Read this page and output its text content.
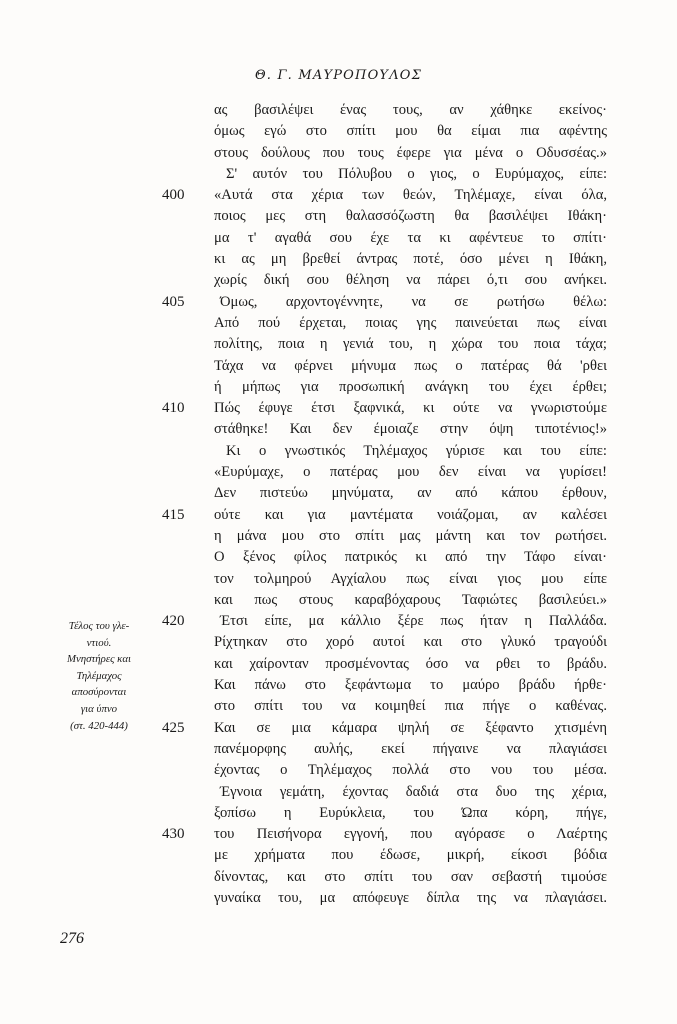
Θ. Γ. ΜΑΥΡΟΠΟΥΛΟΣ
ας βασιλέψει ένας τους, αν χάθηκε εκείνος·
όμως εγώ στο σπίτι μου θα είμαι πια αφέντης
στους δούλους που τους έφερε για μένα ο Οδυσσέας.»
Σ' αυτόν του Πόλυβου ο γιος, ο Ευρύμαχος, είπε:
400	«Αυτά στα χέρια των θεών, Τηλέμαχε, είναι όλα,
ποιος μες στη θαλασσόζωστη θα βασιλέψει Ιθάκη·
μα τ' αγαθά σου έχε τα κι αφέντευε το σπίτι·
κι ας μη βρεθεί άντρας ποτέ, όσο μένει η Ιθάκη,
χωρίς δική σου θέληση να πάρει ό,τι σου ανήκει.
405	Όμως, αρχοντογέννητε, να σε ρωτήσω θέλω:
Από πού έρχεται, ποιας γης παινεύεται πως είναι
πολίτης, ποια η γενιά του, η χώρα του ποια τάχα;
Τάχα να φέρνει μήνυμα πως ο πατέρας θά 'ρθει
ή μήπως για προσωπική ανάγκη του έχει έρθει;
410	Πώς έφυγε έτσι ξαφνικά, κι ούτε να γνωριστούμε
στάθηκε! Και δεν έμοιαζε στην όψη τιποτένιος!»
Κι ο γνωστικός Τηλέμαχος γύρισε και του είπε:
«Ευρύμαχε, ο πατέρας μου δεν είναι να γυρίσει!
Δεν πιστεύω μηνύματα, αν από κάπου έρθουν,
415	ούτε και για μαντέματα νοιάζομαι, αν καλέσει
η μάνα μου στο σπίτι μας μάντη και τον ρωτήσει.
Ο ξένος φίλος πατρικός κι από την Τάφο είναι·
τον τολμηρού Αγχίαλου πως είναι γιος μου είπε
και πως στους καραβόχαρους Ταφιώτες βασιλεύει.»
420	Έτσι είπε, μα κάλλιο ξέρε πως ήταν η Παλλάδα.
Ρίχτηκαν στο χορό αυτοί και στο γλυκό τραγούδι
και χαίρονταν προσμένοντας όσο να ρθει το βράδυ.
Και πάνω στο ξεφάντωμα το μαύρο βράδυ ήρθε·
στο σπίτι του να κοιμηθεί πια πήγε ο καθένας.
425	Και σε μια κάμαρα ψηλή σε ξέφαντο χτισμένη
πανέμορφης αυλής, εκεί πήγαινε να πλαγιάσει
έχοντας ο Τηλέμαχος πολλά στο νου του μέσα.
Έγνοια γεμάτη, έχοντας δαδιά στα δυο της χέρια,
ξοπίσω η Ευρύκλεια, του Ώπα κόρη, πήγε,
430	του Πεισήνορα εγγονή, που αγόρασε ο Λαέρτης
με χρήματα που έδωσε, μικρή, είκοσι βόδια
δίνοντας, και στο σπίτι του σαν σεβαστή τιμούσε
γυναίκα του, μα απόφευγε δίπλα της να πλαγιάσει.
Τέλος του γλε-
ντιού.
Μνηστήρες και
Τηλέμαχος
αποσύρονται
για ύπνο
(στ. 420-444)
276
